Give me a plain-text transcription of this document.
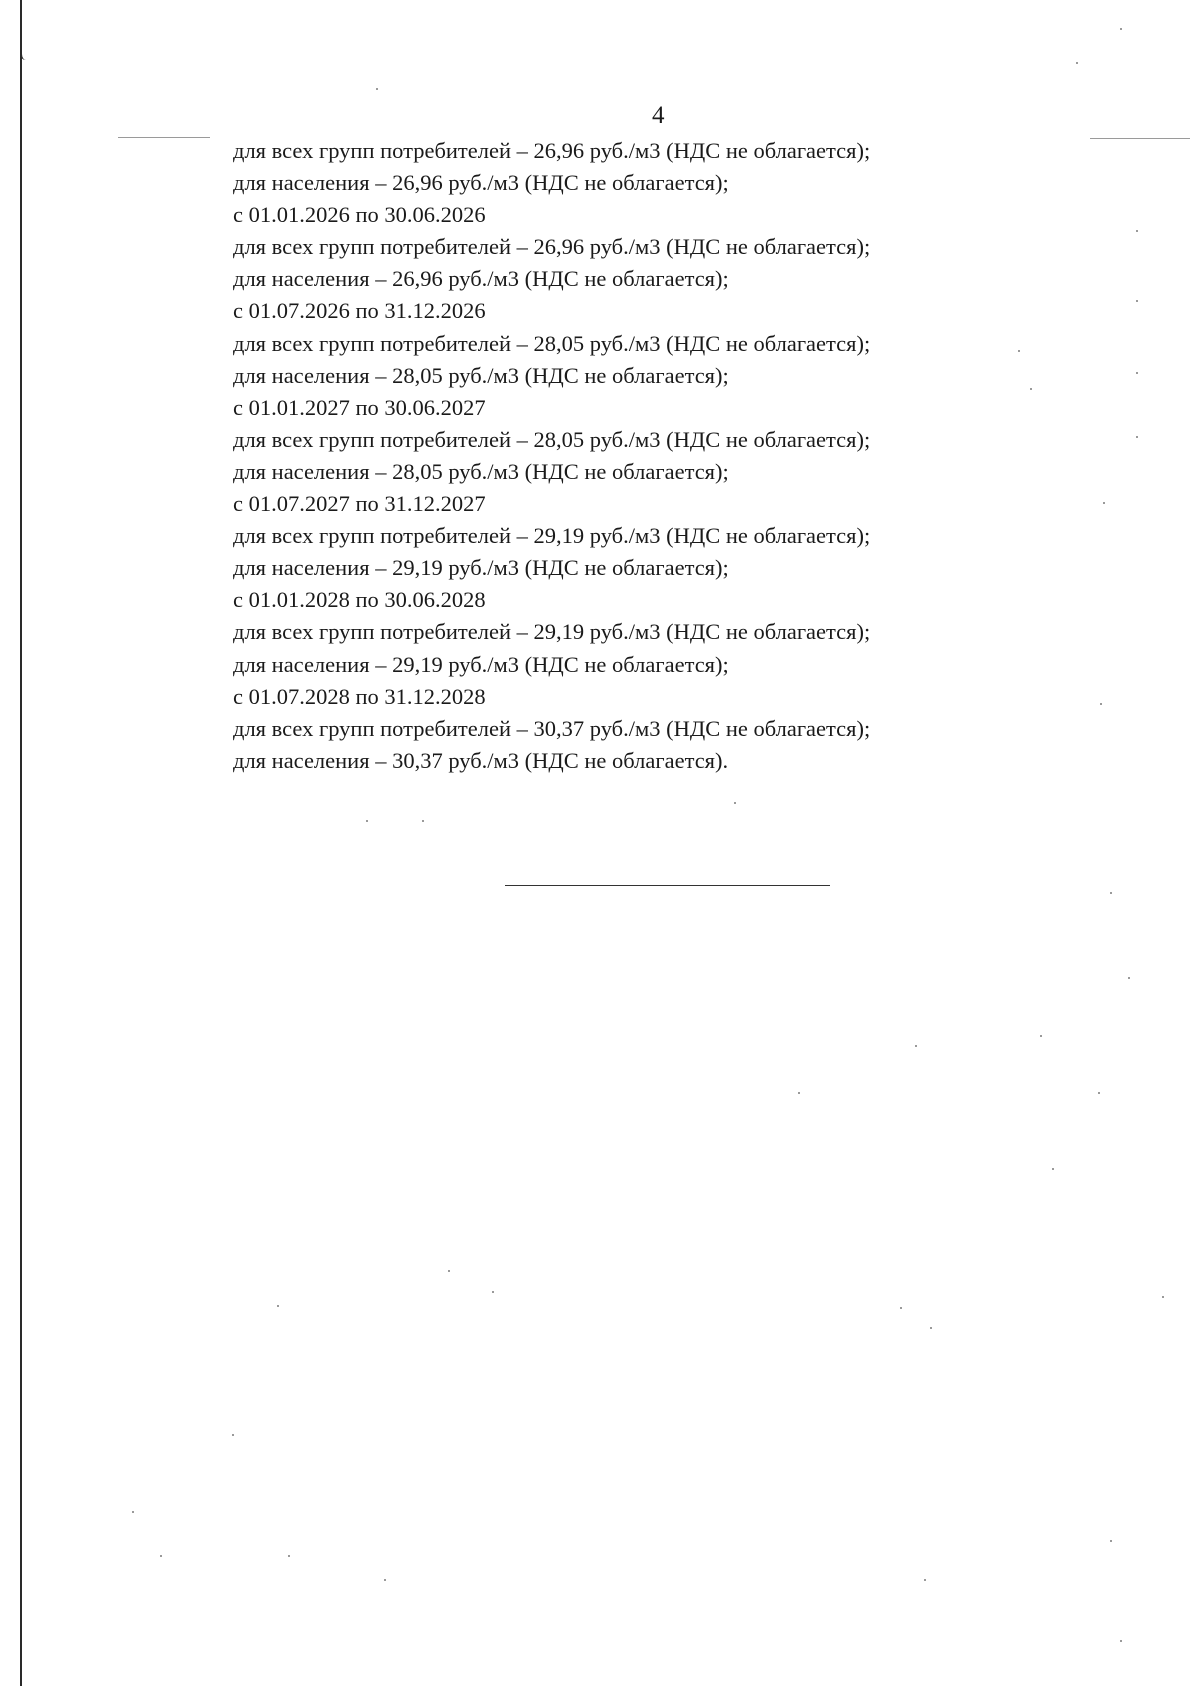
4
для всех групп потребителей – 26,96 руб./м3 (НДС не облагается);
для населения – 26,96 руб./м3 (НДС не облагается);
с 01.01.2026 по 30.06.2026
для всех групп потребителей – 26,96 руб./м3 (НДС не облагается);
для населения – 26,96 руб./м3 (НДС не облагается);
с 01.07.2026 по 31.12.2026
для всех групп потребителей – 28,05 руб./м3 (НДС не облагается);
для населения – 28,05 руб./м3 (НДС не облагается);
с 01.01.2027 по 30.06.2027
для всех групп потребителей – 28,05 руб./м3 (НДС не облагается);
для населения – 28,05 руб./м3 (НДС не облагается);
с 01.07.2027 по 31.12.2027
для всех групп потребителей – 29,19 руб./м3 (НДС не облагается);
для населения – 29,19 руб./м3 (НДС не облагается);
с 01.01.2028 по 30.06.2028
для всех групп потребителей – 29,19 руб./м3 (НДС не облагается);
для населения – 29,19 руб./м3 (НДС не облагается);
с 01.07.2028 по 31.12.2028
для всех групп потребителей – 30,37 руб./м3 (НДС не облагается);
для населения – 30,37 руб./м3 (НДС не облагается).
